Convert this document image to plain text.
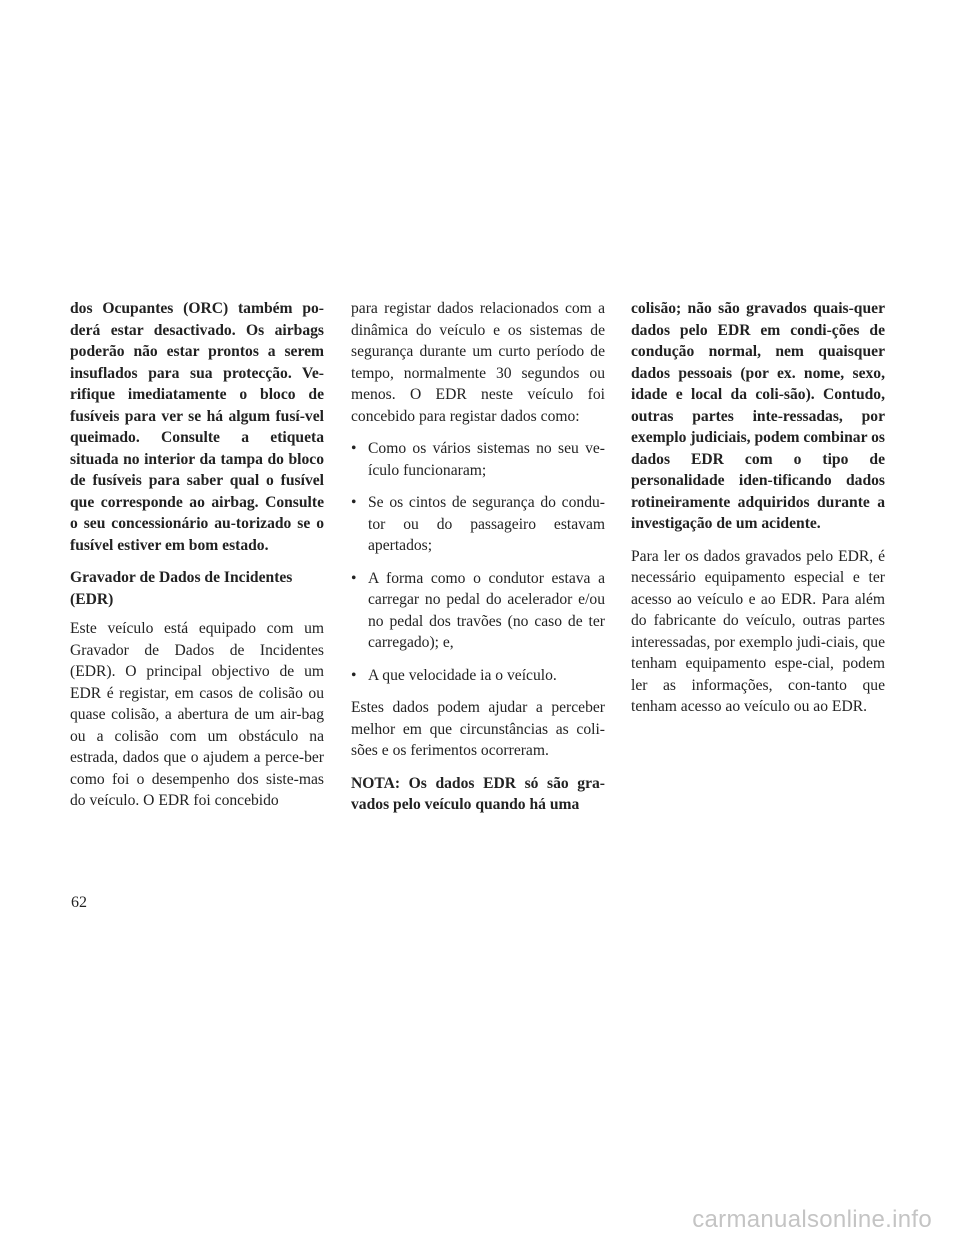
dos Ocupantes (ORC) também po-derá estar desactivado. Os airbags poderão não estar prontos a serem insuflados para sua protecção. Ve-rifique imediatamente o bloco de fusíveis para ver se há algum fusí-vel queimado. Consulte a etiqueta situada no interior da tampa do bloco de fusíveis para saber qual o fusível que corresponde ao airbag. Consulte o seu concessionário au-torizado se o fusível estiver em bom estado.

Gravador de Dados de Incidentes (EDR)

Este veículo está equipado com um Gravador de Dados de Incidentes (EDR). O principal objectivo de um EDR é registar, em casos de colisão ou quase colisão, a abertura de um air-bag ou a colisão com um obstáculo na estrada, dados que o ajudem a perce-ber como foi o desempenho dos siste-mas do veículo. O EDR foi concebido

para registar dados relacionados com a dinâmica do veículo e os sistemas de segurança durante um curto período de tempo, normalmente 30 segundos ou menos. O EDR neste veículo foi concebido para registar dados como:

• Como os vários sistemas no seu ve-ículo funcionaram;
• Se os cintos de segurança do condu-tor ou do passageiro estavam apertados;
• A forma como o condutor estava a carregar no pedal do acelerador e/ou no pedal dos travões (no caso de ter carregado); e,
• A que velocidade ia o veículo.

Estes dados podem ajudar a perceber melhor em que circunstâncias as coli-sões e os ferimentos ocorreram.

NOTA: Os dados EDR só são gra-vados pelo veículo quando há uma

colisão; não são gravados quais-quer dados pelo EDR em condi-ções de condução normal, nem quaisquer dados pessoais (por ex. nome, sexo, idade e local da coli-são). Contudo, outras partes inte-ressadas, por exemplo judiciais, podem combinar os dados EDR com o tipo de personalidade iden-tificando dados rotineiramente adquiridos durante a investigação de um acidente.

Para ler os dados gravados pelo EDR, é necessário equipamento especial e ter acesso ao veículo e ao EDR. Para além do fabricante do veículo, outras partes interessadas, por exemplo judi-ciais, que tenham equipamento espe-cial, podem ler as informações, con-tanto que tenham acesso ao veículo ou ao EDR.

62
carmanualsonline.info
